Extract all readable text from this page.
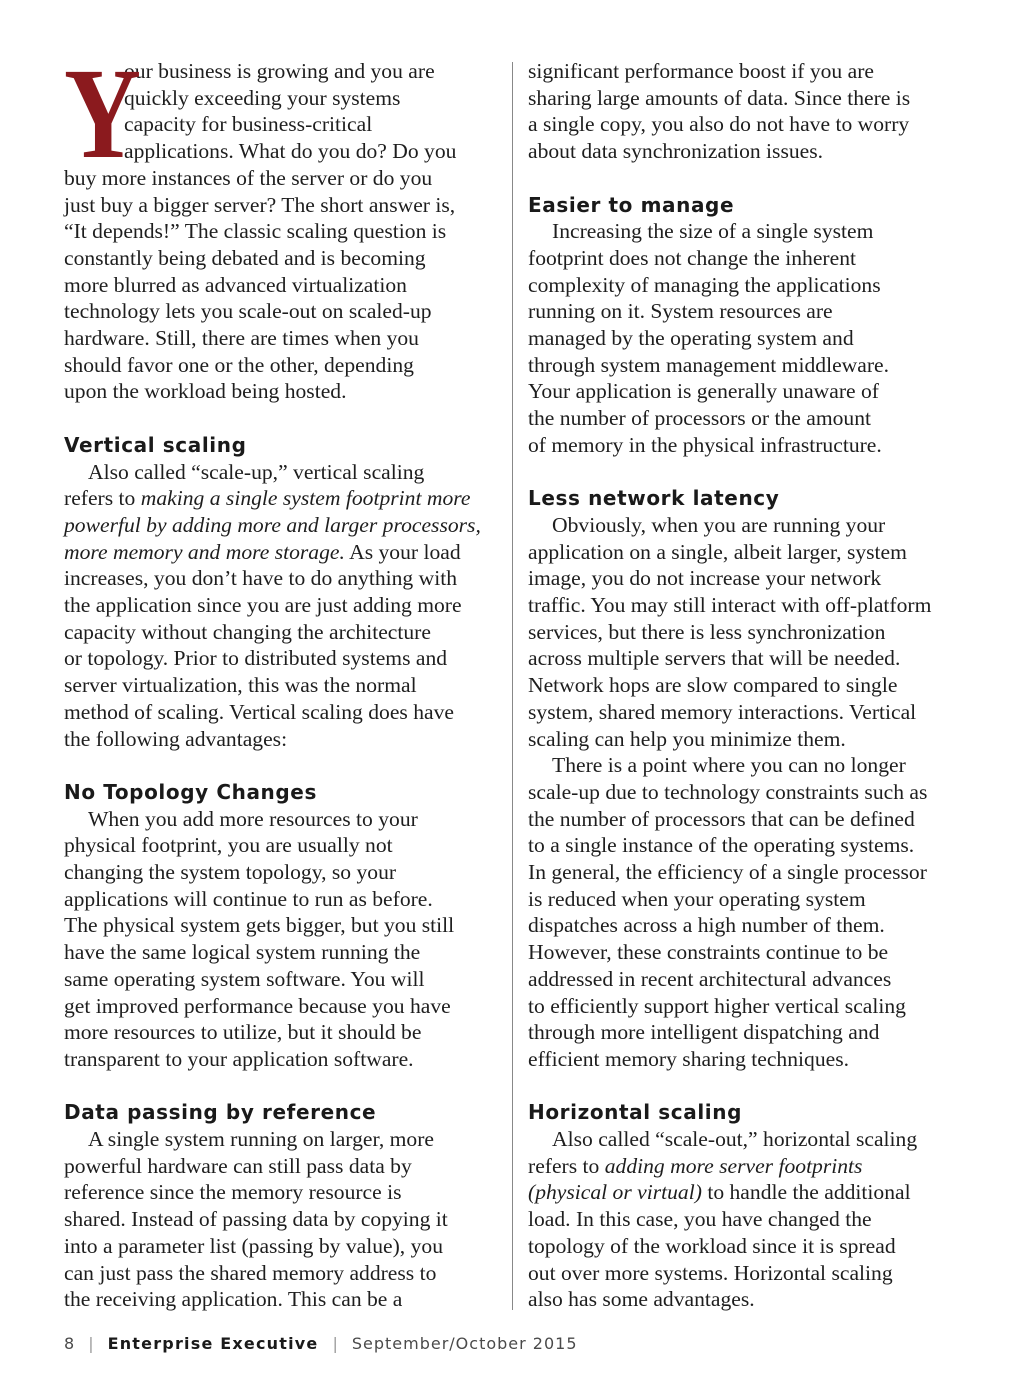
Y

our business is growing and you are
quickly exceeding your systems
capacity for business-critical
applications. What do you do? Do you

buy more instances of the server or do you
just buy a bigger server? The short answer is,
“It depends!” The classic scaling question is
constantly being debated and is becoming
more blurred as advanced virtualization
technology lets you scale-out on scaled-up
hardware. Still, there are times when you
should favor one or the other, depending
upon the workload being hosted.

Vertical scaling

Also called “scale-up,” vertical scaling
refers to making a single system footprint more
powerful by adding more and larger processors,
more memory and more storage. As your load
increases, you don’t have to do anything with
the application since you are just adding more
capacity without changing the architecture
or topology. Prior to distributed systems and
server virtualization, this was the normal
method of scaling. Vertical scaling does have
the following advantages:

No Topology Changes

When you add more resources to your
physical footprint, you are usually not
changing the system topology, so your
applications will continue to run as before.
The physical system gets bigger, but you still
have the same logical system running the
same operating system software. You will
get improved performance because you have
more resources to utilize, but it should be
transparent to your application software.

Data passing by reference

A single system running on larger, more
powerful hardware can still pass data by
reference since the memory resource is
shared. Instead of passing data by copying it
into a parameter list (passing by value), you
can just pass the shared memory address to
the receiving application. This can be a

significant performance boost if you are
sharing large amounts of data. Since there is
a single copy, you also do not have to worry
about data synchronization issues.

Easier to manage

Increasing the size of a single system
footprint does not change the inherent
complexity of managing the applications
running on it. System resources are
managed by the operating system and
through system management middleware.
Your application is generally unaware of
the number of processors or the amount
of memory in the physical infrastructure.

Less network latency

Obviously, when you are running your
application on a single, albeit larger, system
image, you do not increase your network
traffic. You may still interact with off-platform
services, but there is less synchronization
across multiple servers that will be needed.
Network hops are slow compared to single
system, shared memory interactions. Vertical
scaling can help you minimize them.

There is a point where you can no longer
scale-up due to technology constraints such as
the number of processors that can be defined
to a single instance of the operating systems.
In general, the efficiency of a single processor
is reduced when your operating system
dispatches across a high number of them.
However, these constraints continue to be
addressed in recent architectural advances
to efficiently support higher vertical scaling
through more intelligent dispatching and
efficient memory sharing techniques.

Horizontal scaling

Also called “scale-out,” horizontal scaling
refers to adding more server footprints
(physical or virtual) to handle the additional
load. In this case, you have changed the
topology of the workload since it is spread
out over more systems. Horizontal scaling
also has some advantages.

8 | Enterprise Executive | September/October 2015
